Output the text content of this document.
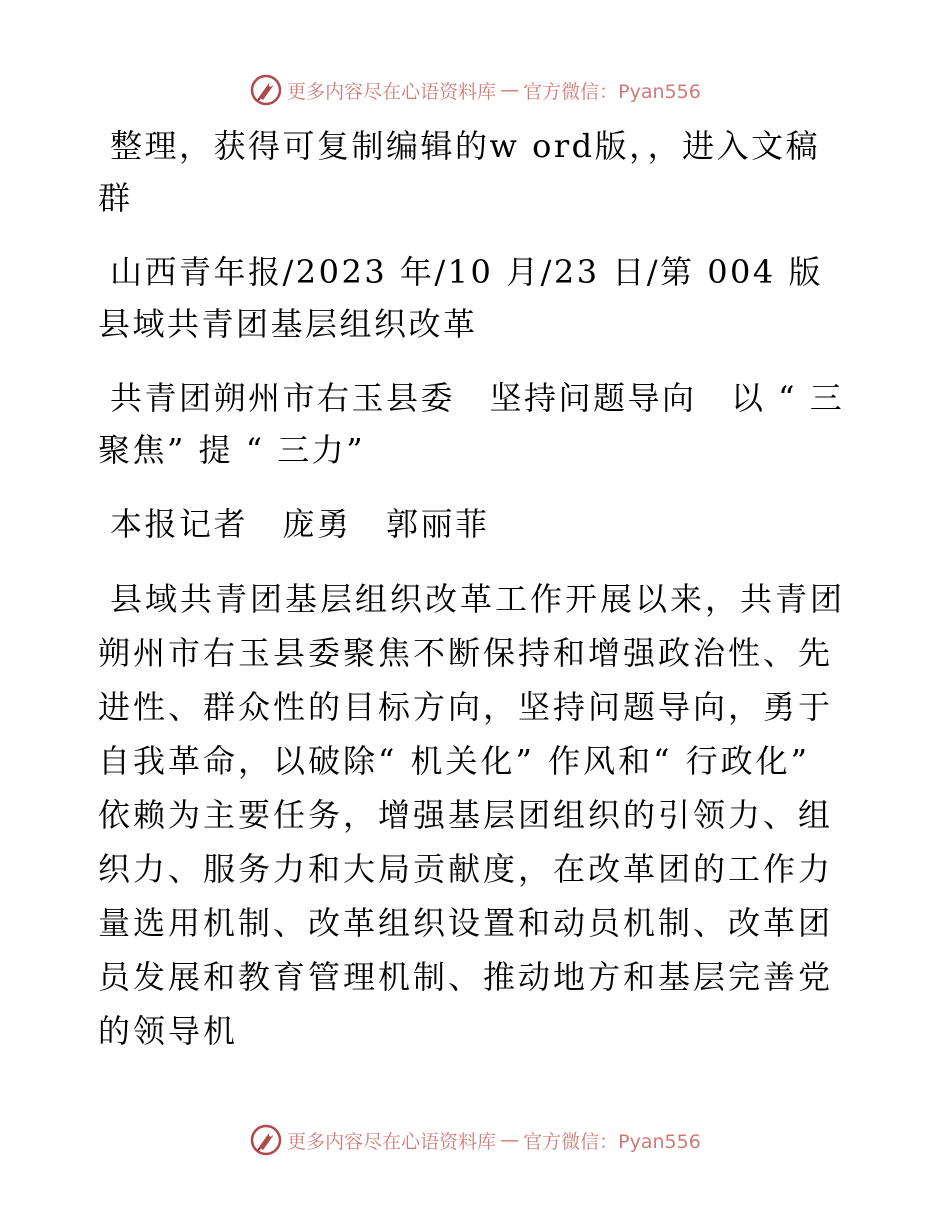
更多内容尽在心语资料库 — 官方微信：Pyan556

整理，获得可复制编辑的w ord版，，进入文稿群

山西青年报/2023 年/10 月/23 日/第 004 版县域共青团基层组织改革

共青团朔州市右玉县委　坚持问题导向　以 “ 三聚焦” 提 “ 三力”

本报记者　庞勇　郭丽菲

县域共青团基层组织改革工作开展以来，共青团朔州市右玉县委聚焦不断保持和增强政治性、先进性、群众性的目标方向，坚持问题导向，勇于自我革命，以破除“ 机关化” 作风和“ 行政化” 依赖为主要任务，增强基层团组织的引领力、组织力、服务力和大局贡献度，在改革团的工作力量选用机制、改革组织设置和动员机制、改革团员发展和教育管理机制、推动地方和基层完善党的领导机

更多内容尽在心语资料库 — 官方微信：Pyan556
